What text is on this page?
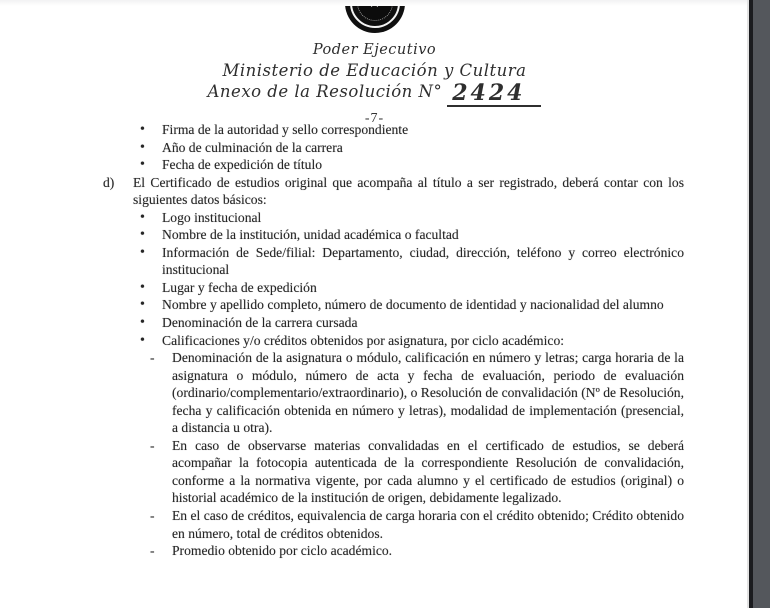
Poder Ejecutivo
Ministerio de Educación y Cultura
Anexo de la Resolución N° 2424
-7-
•	Firma de la autoridad y sello correspondiente
•	Año de culminación de la carrera
•	Fecha de expedición de título
d)	El Certificado de estudios original que acompaña al título a ser registrado, deberá contar con los siguientes datos básicos:
•	Logo institucional
•	Nombre de la institución, unidad académica o facultad
•	Información de Sede/filial: Departamento, ciudad, dirección, teléfono y correo electrónico institucional
•	Lugar y fecha de expedición
•	Nombre y apellido completo, número de documento de identidad y nacionalidad del alumno
•	Denominación de la carrera cursada
•	Calificaciones y/o créditos obtenidos por asignatura, por ciclo académico:
-	Denominación de la asignatura o módulo, calificación en número y letras; carga horaria de la asignatura o módulo, número de acta y fecha de evaluación, periodo de evaluación (ordinario/complementario/extraordinario), o Resolución de convalidación (Nº de Resolución, fecha y calificación obtenida en número y letras), modalidad de implementación (presencial, a distancia u otra).
-	En caso de observarse materias convalidadas en el certificado de estudios, se deberá acompañar la fotocopia autenticada de la correspondiente Resolución de convalidación, conforme a la normativa vigente, por cada alumno y el certificado de estudios (original) o historial académico de la institución de origen, debidamente legalizado.
-	En el caso de créditos, equivalencia de carga horaria con el crédito obtenido; Crédito obtenido en número, total de créditos obtenidos.
-	Promedio obtenido por ciclo académico.
